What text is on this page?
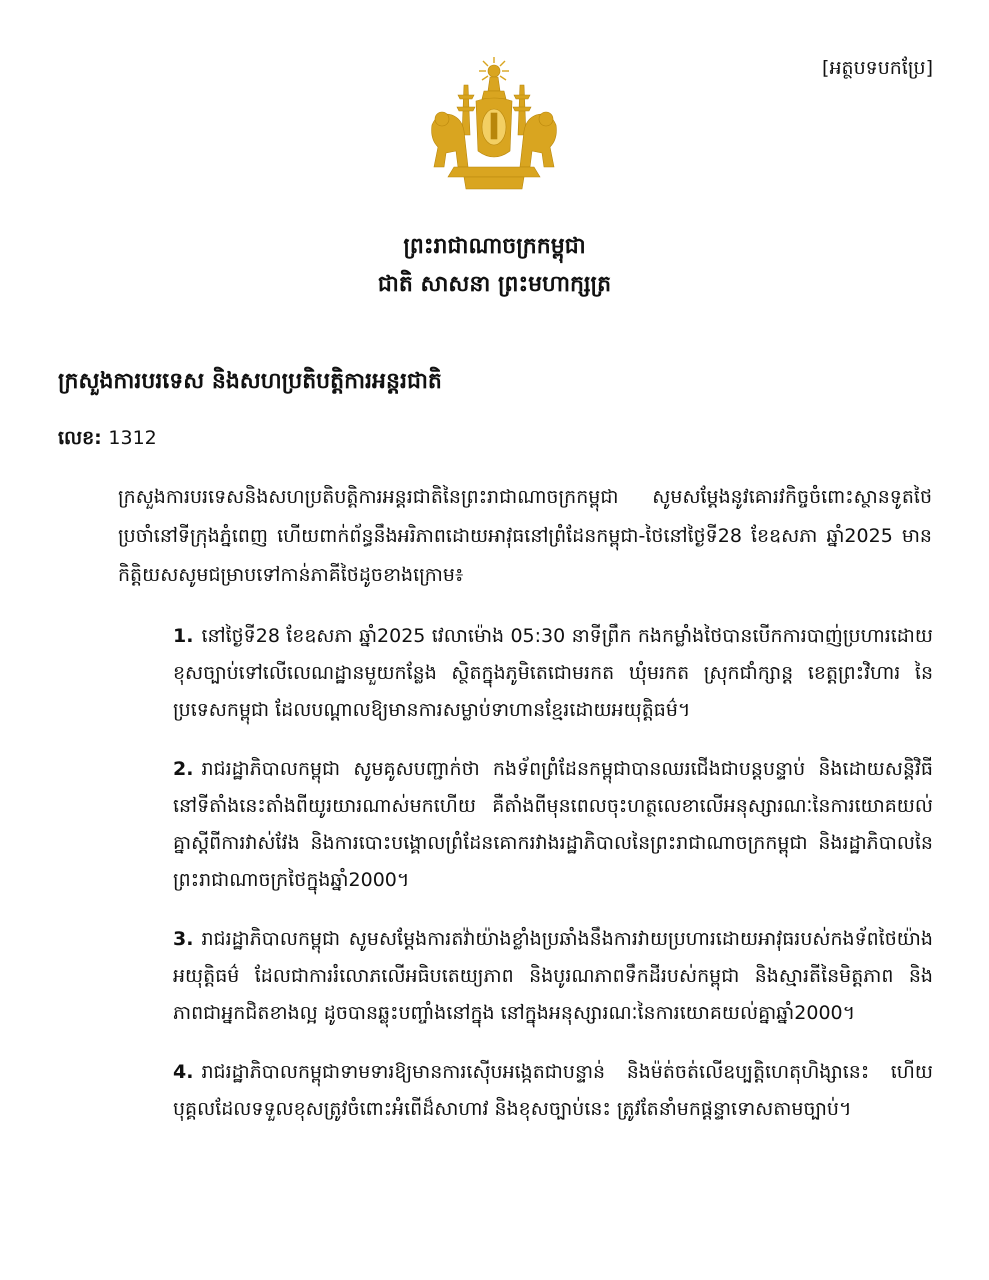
[អត្ថបទបកប្រែ]
ព្រះរាជាណាចក្រកម្ពុជា
ជាតិ សាសនា ព្រះមហាក្សត្រ
ក្រសួងការបរទេស និងសហប្រតិបត្តិការអន្តរជាតិ
លេខ: 1312
ក្រសួងការបរទេសនិងសហប្រតិបត្តិការអន្តរជាតិនៃព្រះរាជាណាចក្រកម្ពុជា សូមសម្តែងនូវគោរវកិច្ចចំពោះស្ថានទូតថៃប្រចាំនៅទីក្រុងភ្នំពេញ ហើយពាក់ព័ន្ធនឹងអរិភាពដោយអាវុធនៅព្រំដែនកម្ពុជា-ថៃនៅថ្ងៃទី28 ខែឧសភា ឆ្នាំ2025 មានកិត្តិយសសូមជម្រាបទៅកាន់ភាគីថៃដូចខាងក្រោម៖
1. នៅថ្ងៃទី28 ខែឧសភា ឆ្នាំ2025 វេលាម៉ោង 05:30 នាទីព្រឹក កងកម្លាំងថៃបានបើកការបាញ់ប្រហារដោយខុសច្បាប់ទៅលើលេណដ្ឋានមួយកន្លែង ស្ថិតក្នុងភូមិតេជោមរកត ឃុំមរកត ស្រុកជាំក្សាន្ត ខេត្តព្រះវិហារ នៃប្រទេសកម្ពុជា ដែលបណ្តាលឱ្យមានការសម្លាប់ទាហានខ្មែរដោយអយុត្តិធម៌។
2. រាជរដ្ឋាភិបាលកម្ពុជា សូមគូសបញ្ជាក់ថា កងទ័ពព្រំដែនកម្ពុជាបានឈរជើងជាបន្តបន្ទាប់ និងដោយសន្តិវិធីនៅទីតាំងនេះតាំងពីយូរយារណាស់មកហើយ គឺតាំងពីមុនពេលចុះហត្ថលេខាលើអនុស្សារណៈនៃការយោគយល់គ្នាស្តីពីការវាស់វែង និងការបោះបង្គោលព្រំដែនគោករវាងរដ្ឋាភិបាលនៃព្រះរាជាណាចក្រកម្ពុជា និងរដ្ឋាភិបាលនៃព្រះរាជាណាចក្រថៃក្នុងឆ្នាំ2000។
3. រាជរដ្ឋាភិបាលកម្ពុជា សូមសម្តែងការតវ៉ាយ៉ាងខ្លាំងប្រឆាំងនឹងការវាយប្រហារដោយអាវុធរបស់កងទ័ពថៃយ៉ាងអយុត្តិធម៌ ដែលជាការរំលោភលើអធិបតេយ្យភាព និងបូរណភាពទឹកដីរបស់កម្ពុជា និងស្មារតីនៃមិត្តភាព និងភាពជាអ្នកជិតខាងល្អ ដូចបានឆ្លុះបញ្ចាំងនៅក្នុង នៅក្នុងអនុស្សារណៈនៃការយោគយល់គ្នាឆ្នាំ2000។
4. រាជរដ្ឋាភិបាលកម្ពុជាទាមទារឱ្យមានការស៊ើបអង្កេតជាបន្ទាន់ និងម៉ត់ចត់លើឧប្បត្តិហេតុហិង្សានេះ ហើយបុគ្គលដែលទទួលខុសត្រូវចំពោះអំពើដ៏សាហាវ និងខុសច្បាប់នេះ ត្រូវតែនាំមកផ្តន្ទាទោសតាមច្បាប់។
